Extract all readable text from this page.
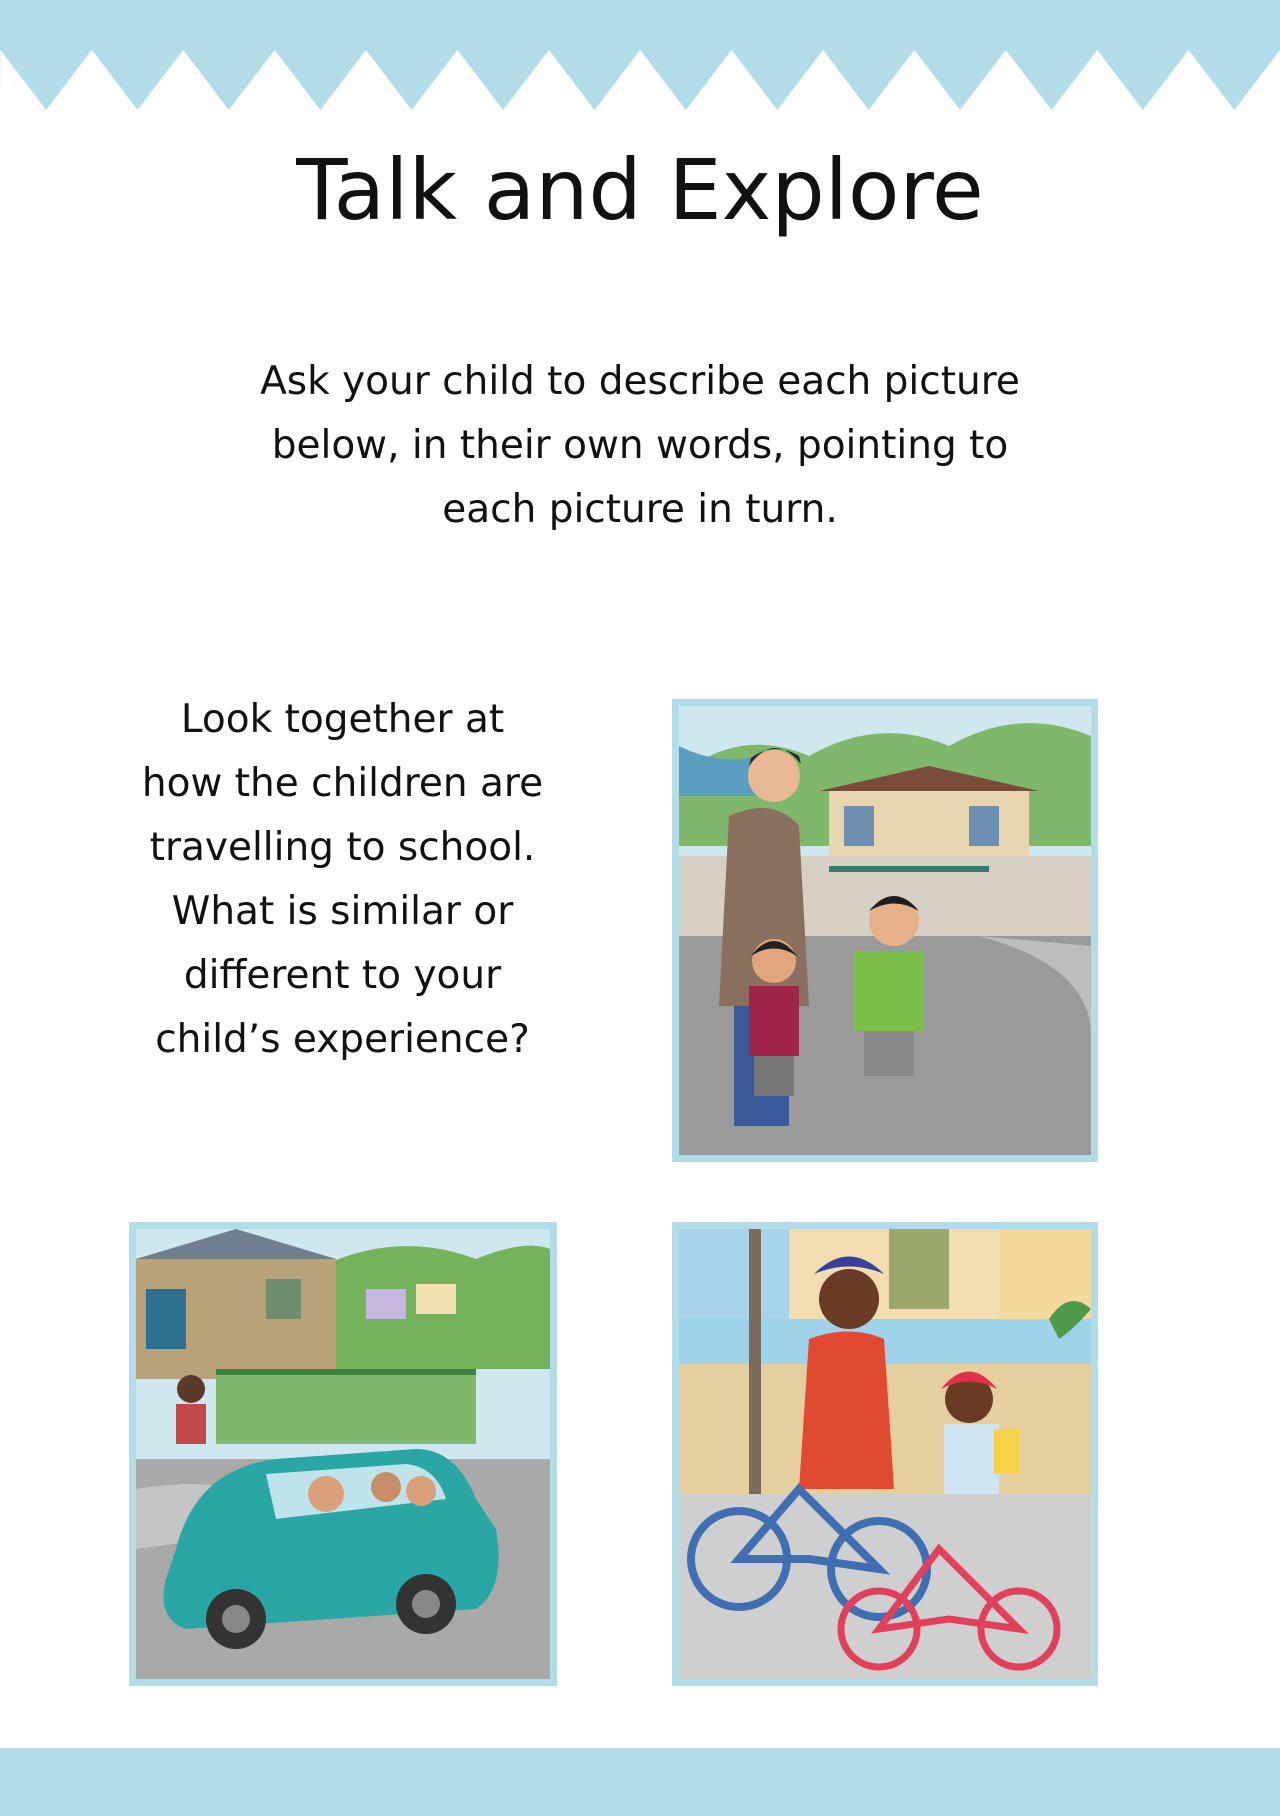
Talk and Explore
Ask your child to describe each picture
below, in their own words, pointing to
each picture in turn.
Look together at
how the children are
travelling to school.
What is similar or
different to your
child’s experience?
